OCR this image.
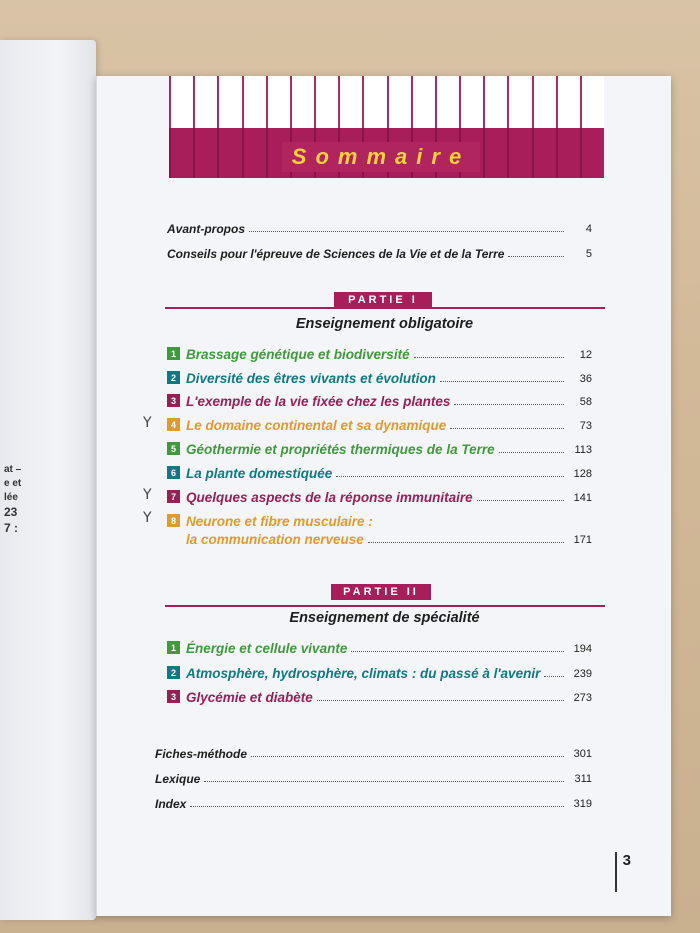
at –
e et
lée
23
7 :
Sommaire
Avant-propos	4
Conseils pour l'épreuve de Sciences de la Vie et de la Terre	5
PARTIE I
Enseignement obligatoire
1 Brassage génétique et biodiversité	12
2 Diversité des êtres vivants et évolution	36
3 L'exemple de la vie fixée chez les plantes	58
4 Le domaine continental et sa dynamique	73
5 Géothermie et propriétés thermiques de la Terre	113
6 La plante domestiquée	128
7 Quelques aspects de la réponse immunitaire	141
8 Neurone et fibre musculaire :
la communication nerveuse	171
Y
Y
Y
PARTIE II
Enseignement de spécialité
1 Énergie et cellule vivante	194
2 Atmosphère, hydrosphère, climats : du passé à l'avenir	239
3 Glycémie et diabète	273
Fiches-méthode	301
Lexique	311
Index	319
3
